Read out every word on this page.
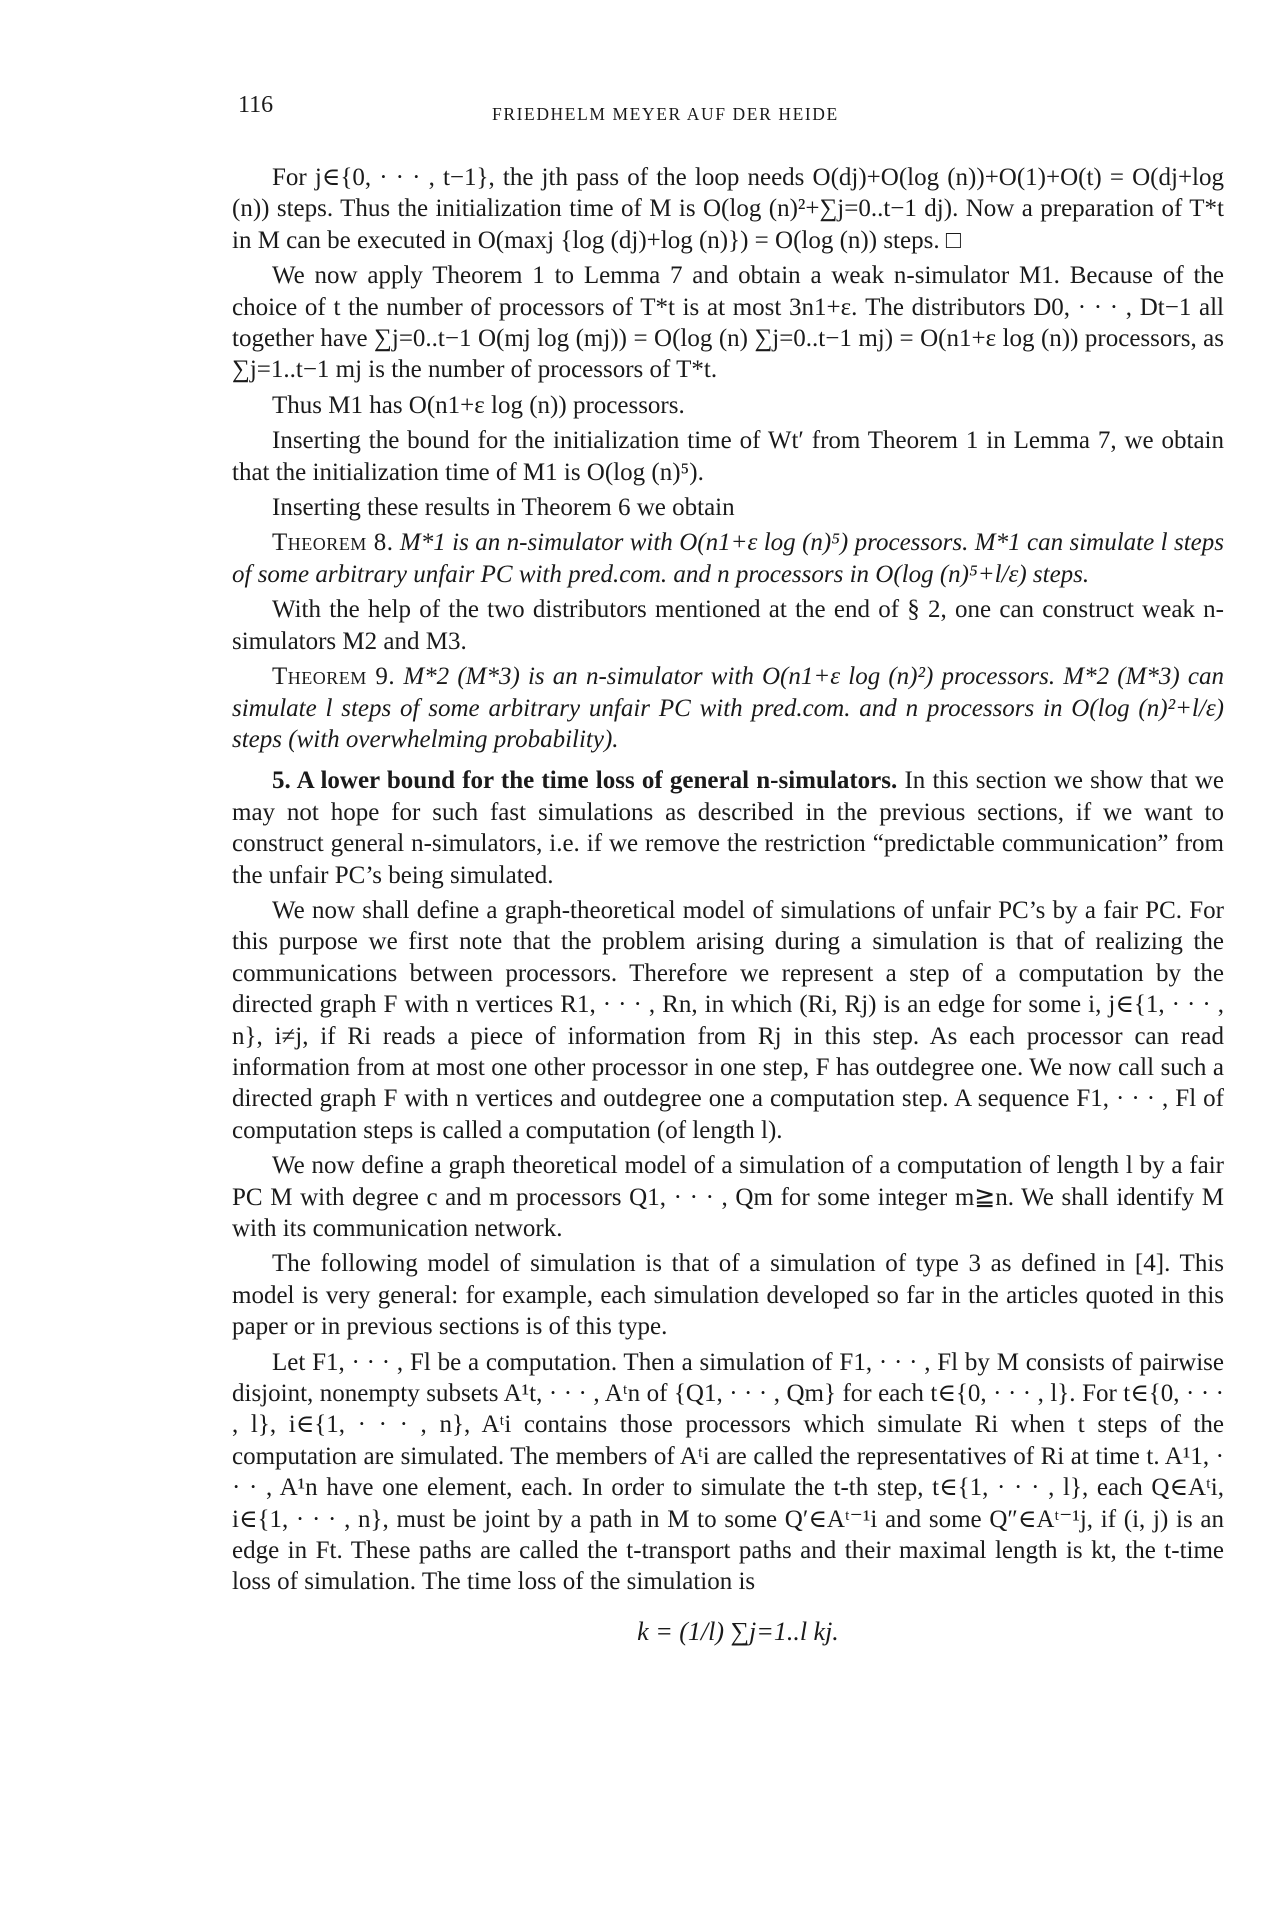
116	FRIEDHELM MEYER AUF DER HEIDE

For j∈{0, · · · , t−1}, the jth pass of the loop needs O(dj)+O(log (n))+O(1)+O(t) = O(dj+log (n)) steps. Thus the initialization time of M is O(log (n)²+∑j=0..t−1 dj). Now a preparation of T*t in M can be executed in O(maxj {log (dj)+log (n)}) = O(log (n)) steps. □

We now apply Theorem 1 to Lemma 7 and obtain a weak n-simulator M1. Because of the choice of t the number of processors of T*t is at most 3n1+ε. The distributors D0, · · · , Dt−1 all together have ∑j=0..t−1 O(mj log (mj)) = O(log (n) ∑j=0..t−1 mj) = O(n1+ε log (n)) processors, as ∑j=1..t−1 mj is the number of processors of T*t.

Thus M1 has O(n1+ε log (n)) processors.

Inserting the bound for the initialization time of Wt′ from Theorem 1 in Lemma 7, we obtain that the initialization time of M1 is O(log (n)⁵).

Inserting these results in Theorem 6 we obtain

Theorem 8. M*1 is an n-simulator with O(n1+ε log (n)⁵) processors. M*1 can simulate l steps of some arbitrary unfair PC with pred.com. and n processors in O(log (n)⁵+l/ε) steps.

With the help of the two distributors mentioned at the end of § 2, one can construct weak n-simulators M2 and M3.

Theorem 9. M*2 (M*3) is an n-simulator with O(n1+ε log (n)²) processors. M*2 (M*3) can simulate l steps of some arbitrary unfair PC with pred.com. and n processors in O(log (n)²+l/ε) steps (with overwhelming probability).

5. A lower bound for the time loss of general n-simulators. In this section we show that we may not hope for such fast simulations as described in the previous sections, if we want to construct general n-simulators, i.e. if we remove the restriction “predictable communication” from the unfair PC’s being simulated.

We now shall define a graph-theoretical model of simulations of unfair PC’s by a fair PC. For this purpose we first note that the problem arising during a simulation is that of realizing the communications between processors. Therefore we represent a step of a computation by the directed graph F with n vertices R1, · · · , Rn, in which (Ri, Rj) is an edge for some i, j∈{1, · · · , n}, i≠j, if Ri reads a piece of information from Rj in this step. As each processor can read information from at most one other processor in one step, F has outdegree one. We now call such a directed graph F with n vertices and outdegree one a computation step. A sequence F1, · · · , Fl of computation steps is called a computation (of length l).

We now define a graph theoretical model of a simulation of a computation of length l by a fair PC M with degree c and m processors Q1, · · · , Qm for some integer m≧n. We shall identify M with its communication network.

The following model of simulation is that of a simulation of type 3 as defined in [4]. This model is very general: for example, each simulation developed so far in the articles quoted in this paper or in previous sections is of this type.

Let F1, · · · , Fl be a computation. Then a simulation of F1, · · · , Fl by M consists of pairwise disjoint, nonempty subsets A¹t, · · · , Aᵗn of {Q1, · · · , Qm} for each t∈{0, · · · , l}. For t∈{0, · · · , l}, i∈{1, · · · , n}, Aᵗi contains those processors which simulate Ri when t steps of the computation are simulated. The members of Aᵗi are called the representatives of Ri at time t. A¹1, · · · , A¹n have one element, each. In order to simulate the t-th step, t∈{1, · · · , l}, each Q∈Aᵗi, i∈{1, · · · , n}, must be joint by a path in M to some Q′∈Aᵗ⁻¹i and some Q″∈Aᵗ⁻¹j, if (i, j) is an edge in Ft. These paths are called the t-transport paths and their maximal length is kt, the t-time loss of simulation. The time loss of the simulation is

k = (1/l) ∑j=1..l kj.
